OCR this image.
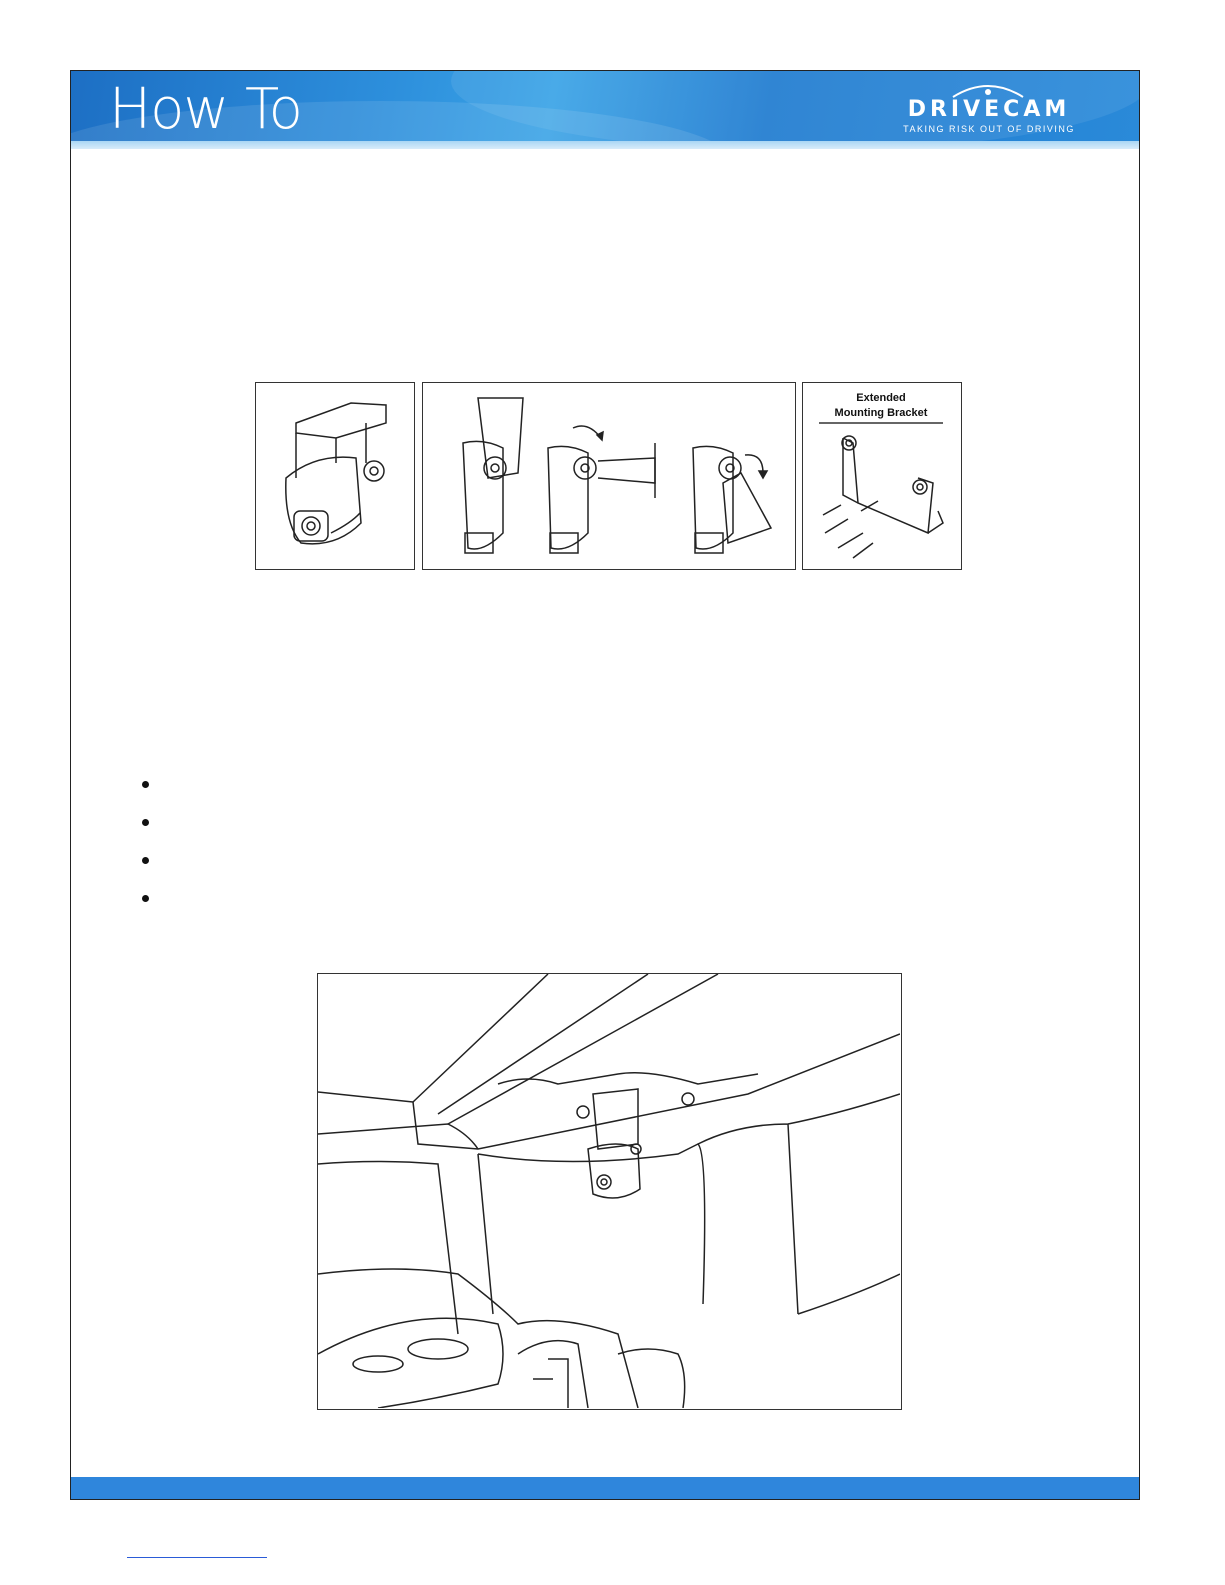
How To	DRIVECAM
TAKING RISK OUT OF DRIVING
Extended
Mounting Bracket
